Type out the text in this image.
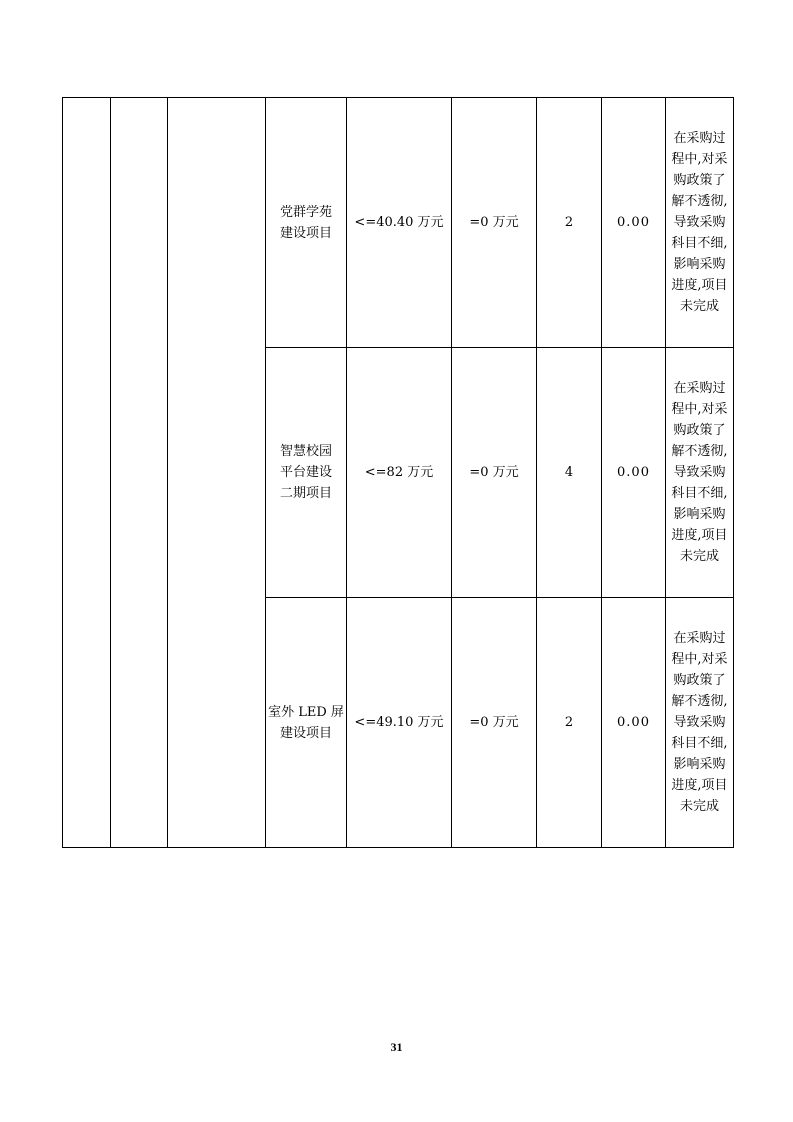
			党群学苑
建设项目	<=40.40 万元	=0 万元	2	0.00	在采购过程中,对采购政策了解不透彻,导致采购科目不细,影响采购进度,项目未完成

			智慧校园
平台建设
二期项目	<=82 万元	=0 万元	4	0.00	在采购过程中,对采购政策了解不透彻,导致采购科目不细,影响采购进度,项目未完成

			室外 LED 屏
建设项目	<=49.10 万元	=0 万元	2	0.00	在采购过程中,对采购政策了解不透彻,导致采购科目不细,影响采购进度,项目未完成
31
